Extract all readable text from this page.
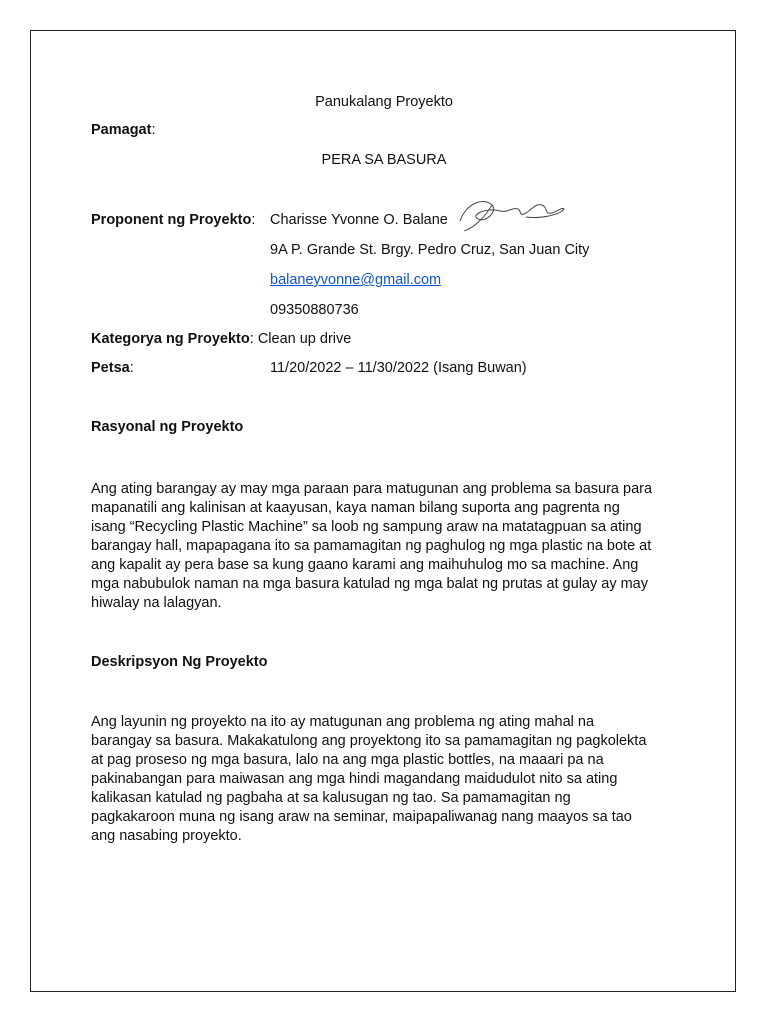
Panukalang Proyekto
Pamagat:
PERA SA BASURA
Proponent ng Proyekto: Charisse Yvonne O. Balane
9A P. Grande St. Brgy. Pedro Cruz, San Juan City
balaneyvonne@gmail.com
09350880736
Kategorya ng Proyekto: Clean up drive
Petsa:	11/20/2022 – 11/30/2022 (Isang Buwan)
Rasyonal ng Proyekto
Ang ating barangay ay may mga paraan para matugunan ang problema sa basura para
mapanatili ang kalinisan at kaayusan, kaya naman bilang suporta ang pagrenta ng
isang “Recycling Plastic Machine” sa loob ng sampung araw na matatagpuan sa ating
barangay hall, mapapagana ito sa pamamagitan ng paghulog ng mga plastic na bote at
ang kapalit ay pera base sa kung gaano karami ang maihuhulog mo sa machine. Ang
mga nabubulok naman na mga basura katulad ng mga balat ng prutas at gulay ay may
hiwalay na lalagyan.
Deskripsyon Ng Proyekto
Ang layunin ng proyekto na ito ay matugunan ang problema ng ating mahal na
barangay sa basura. Makakatulong ang proyektong ito sa pamamagitan ng pagkolekta
at pag proseso ng mga basura, lalo na ang mga plastic bottles, na maaari pa na
pakinabangan para maiwasan ang mga hindi magandang maidudulot nito sa ating
kalikasan katulad ng pagbaha at sa kalusugan ng tao. Sa pamamagitan ng
pagkakaroon muna ng isang araw na seminar, maipapaliwanag nang maayos sa tao
ang nasabing proyekto.
